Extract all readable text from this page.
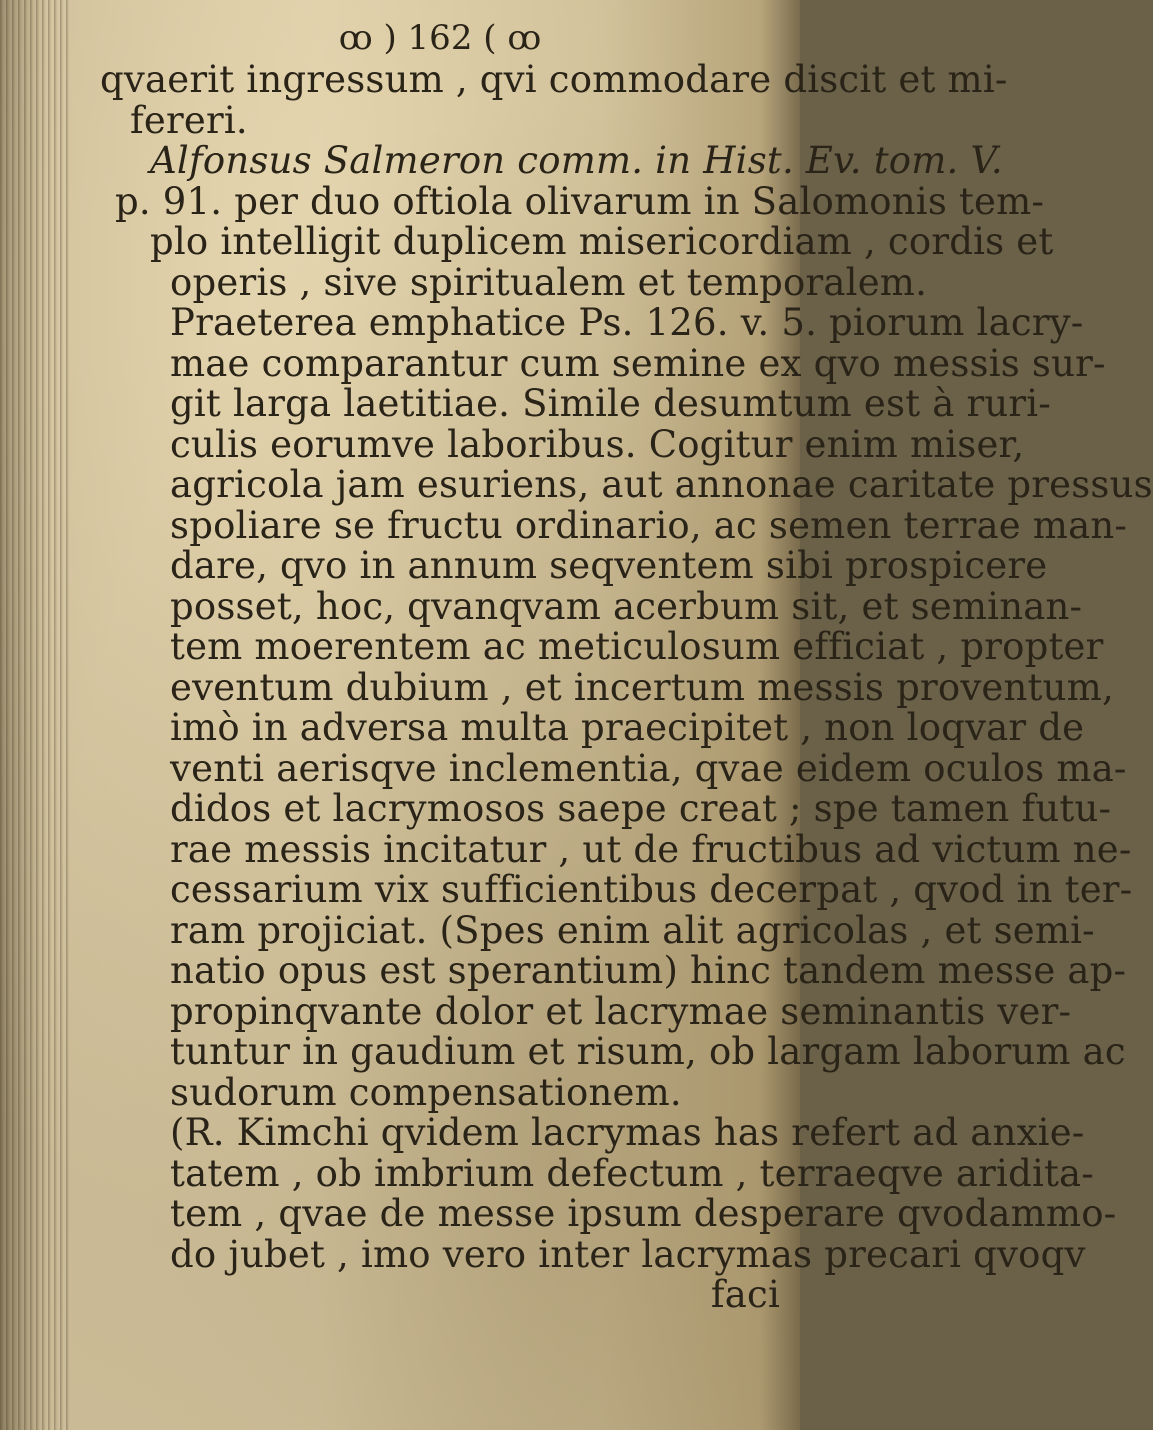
ꝏ ) 162 ( ꝏ
qvaerit ingressum , qvi commodare discit et mi-
fereri.
Alfonsus Salmeron comm. in Hist. Ev. tom. V.
p. 91. per duo oftiola olivarum in Salomonis tem-
plo intelligit duplicem misericordiam , cordis et
operis , sive spiritualem et temporalem.
Praeterea emphatice Ps. 126. v. 5. piorum lacry-
mae comparantur cum semine ex qvo messis sur-
git larga laetitiae. Simile desumtum est à ruri-
culis eorumve laboribus. Cogitur enim miser,
agricola jam esuriens, aut annonae caritate pressus
spoliare se fructu ordinario, ac semen terrae man-
dare, qvo in annum seqventem sibi prospicere
posset, hoc, qvanqvam acerbum sit, et seminan-
tem moerentem ac meticulosum efficiat , propter
eventum dubium , et incertum messis proventum,
imò in adversa multa praecipitet , non loqvar de
venti aerisqve inclementia, qvae eidem oculos ma-
didos et lacrymosos saepe creat ; spe tamen futu-
rae messis incitatur , ut de fructibus ad victum ne-
cessarium vix sufficientibus decerpat , qvod in ter-
ram projiciat. (Spes enim alit agricolas , et semi-
natio opus est sperantium) hinc tandem messe ap-
propinqvante dolor et lacrymae seminantis ver-
tuntur in gaudium et risum, ob largam laborum ac
sudorum compensationem.
(R. Kimchi qvidem lacrymas has refert ad anxie-
tatem , ob imbrium defectum , terraeqve aridita-
tem , qvae de messe ipsum desperare qvodammo-
do jubet , imo vero inter lacrymas precari qvoqv
faci
